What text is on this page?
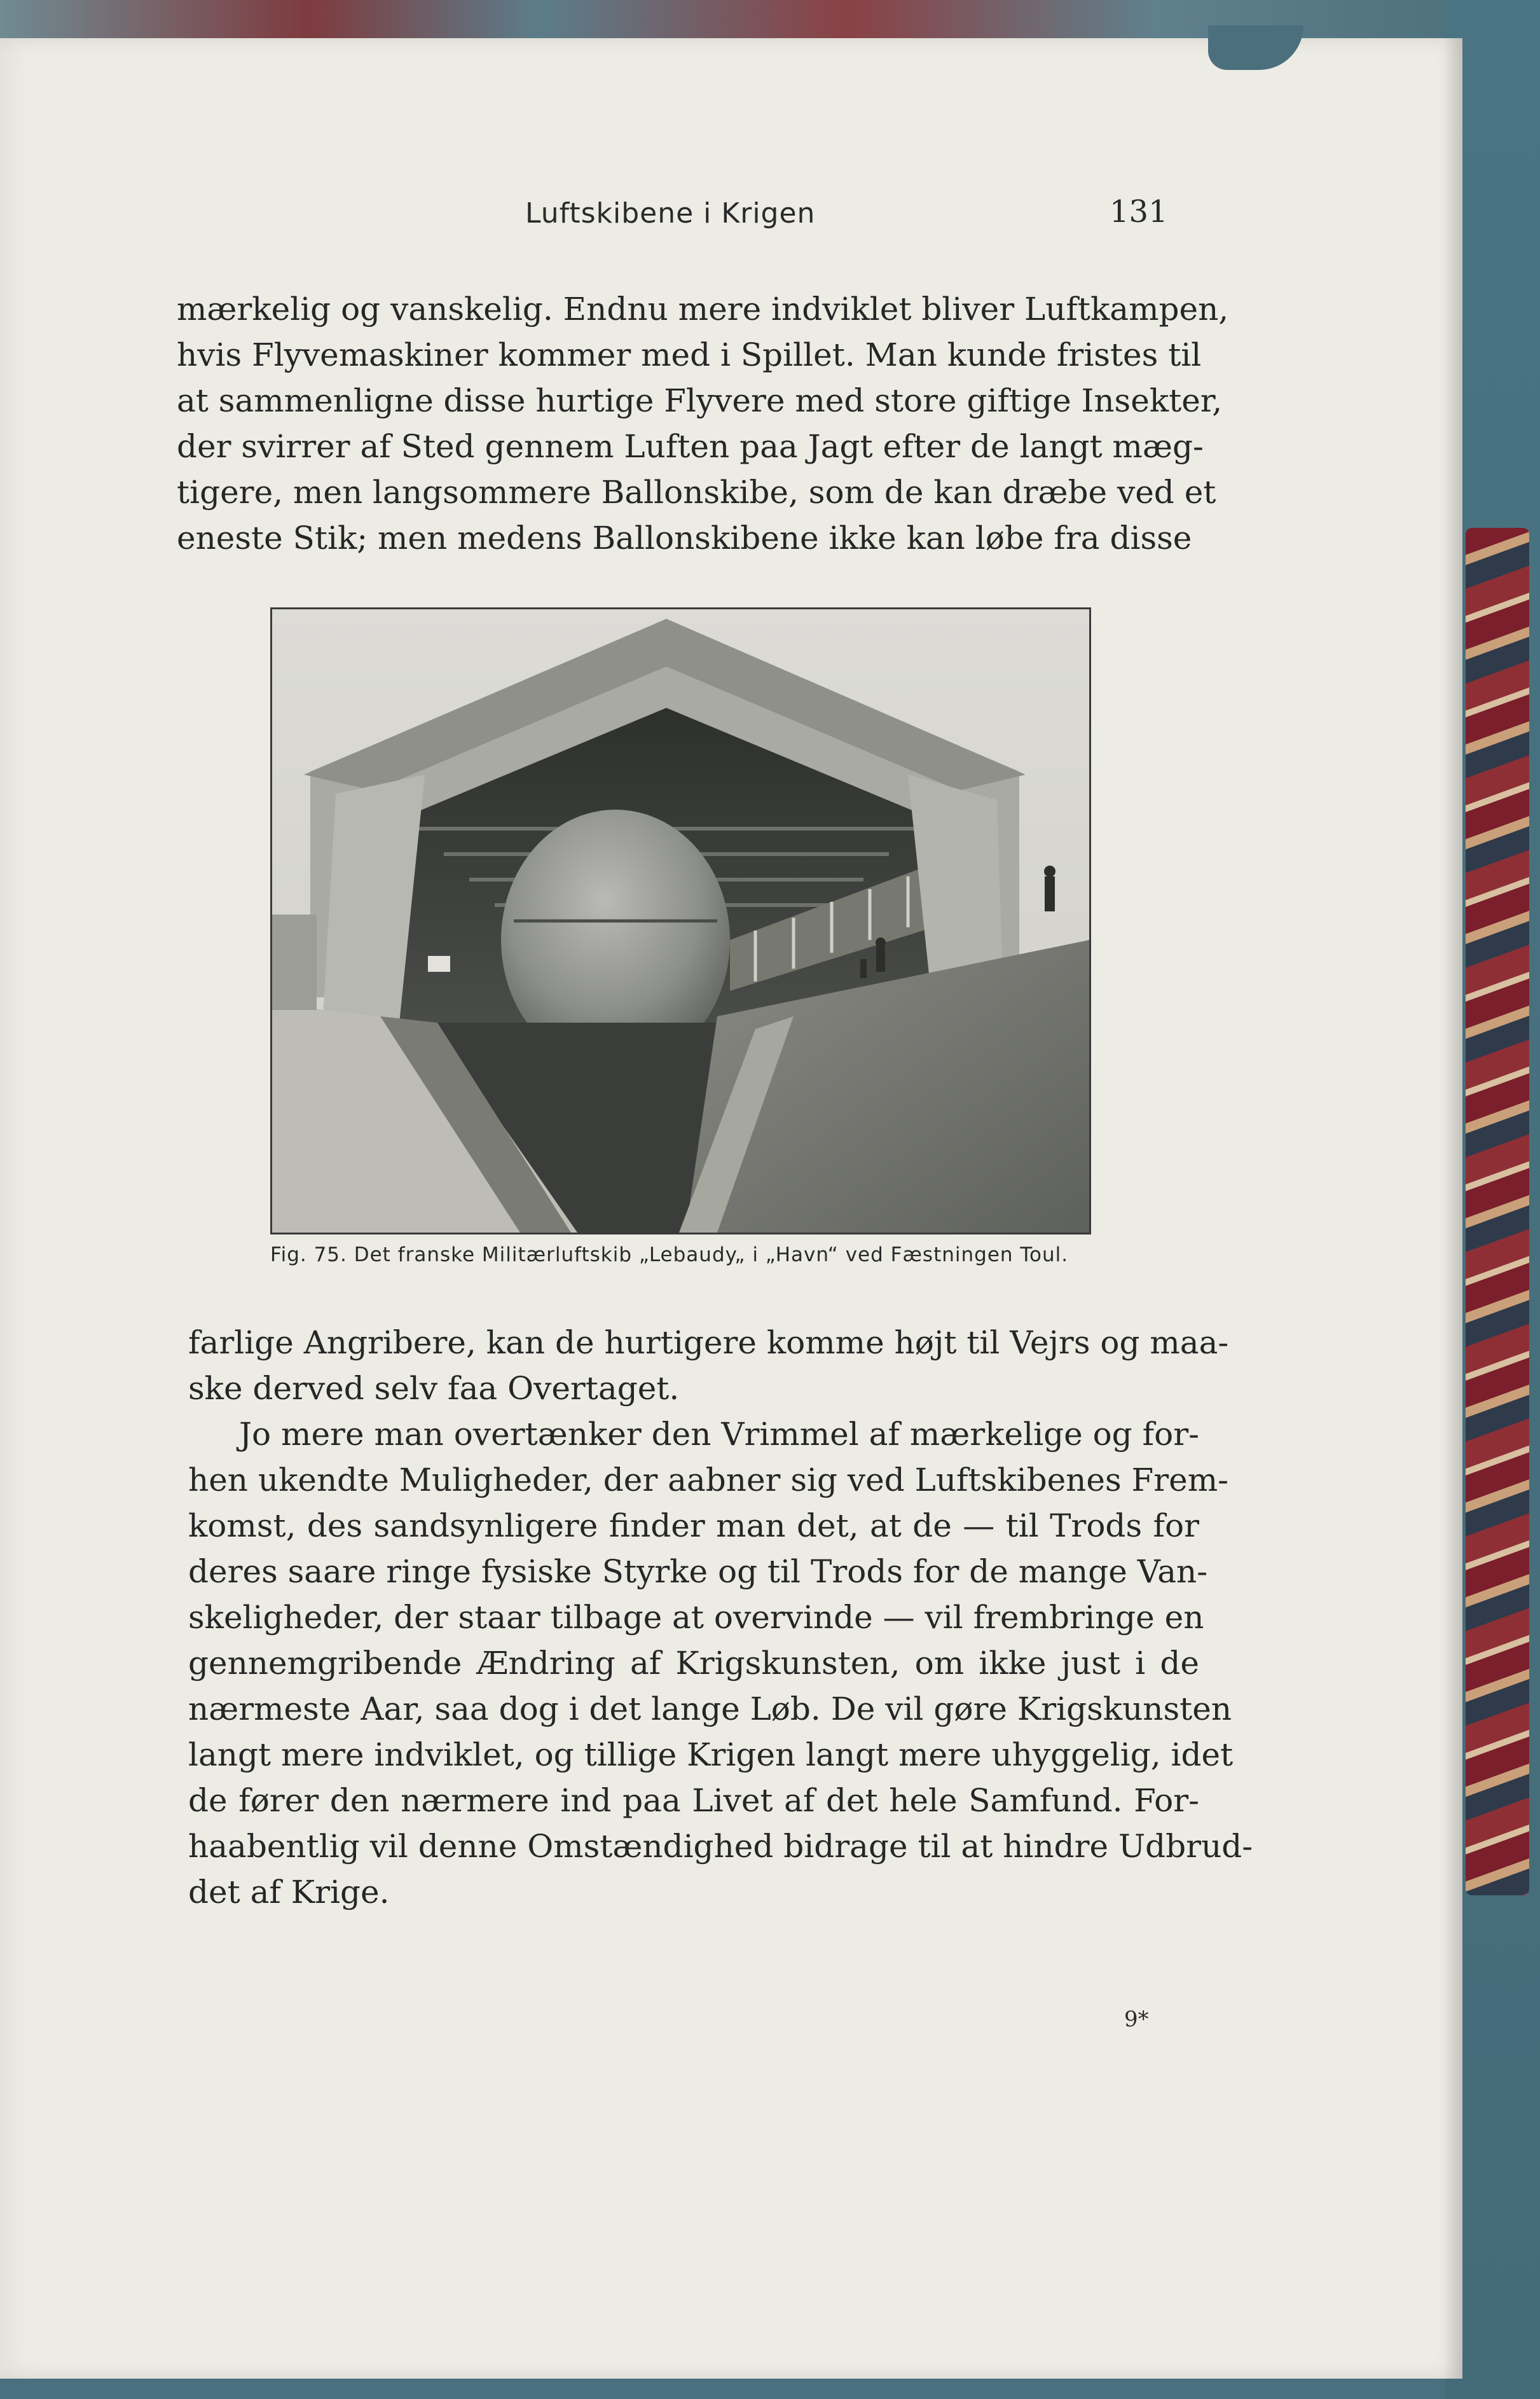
Luftskibene i Krigen	131
mærkelig og vanskelig. Endnu mere indviklet bliver Luftkampen,
hvis Flyvemaskiner kommer med i Spillet. Man kunde fristes til
at sammenligne disse hurtige Flyvere med store giftige Insekter,
der svirrer af Sted gennem Luften paa Jagt efter de langt mæg-
tigere, men langsommere Ballonskibe, som de kan dræbe ved et
eneste Stik; men medens Ballonskibene ikke kan løbe fra disse
Fig. 75. Det franske Militærluftskib „Lebaudy„ i „Havn“ ved Fæstningen Toul.
farlige Angribere, kan de hurtigere komme højt til Vejrs og maa-
ske derved selv faa Overtaget.
Jo mere man overtænker den Vrimmel af mærkelige og for-
hen ukendte Muligheder, der aabner sig ved Luftskibenes Frem-
komst, des sandsynligere finder man det, at de — til Trods for
deres saare ringe fysiske Styrke og til Trods for de mange Van-
skeligheder, der staar tilbage at overvinde — vil frembringe en
gennemgribende Ændring af Krigskunsten, om ikke just i de
nærmeste Aar, saa dog i det lange Løb. De vil gøre Krigskunsten
langt mere indviklet, og tillige Krigen langt mere uhyggelig, idet
de fører den nærmere ind paa Livet af det hele Samfund. For-
haabentlig vil denne Omstændighed bidrage til at hindre Udbrud-
det af Krige.
9*
